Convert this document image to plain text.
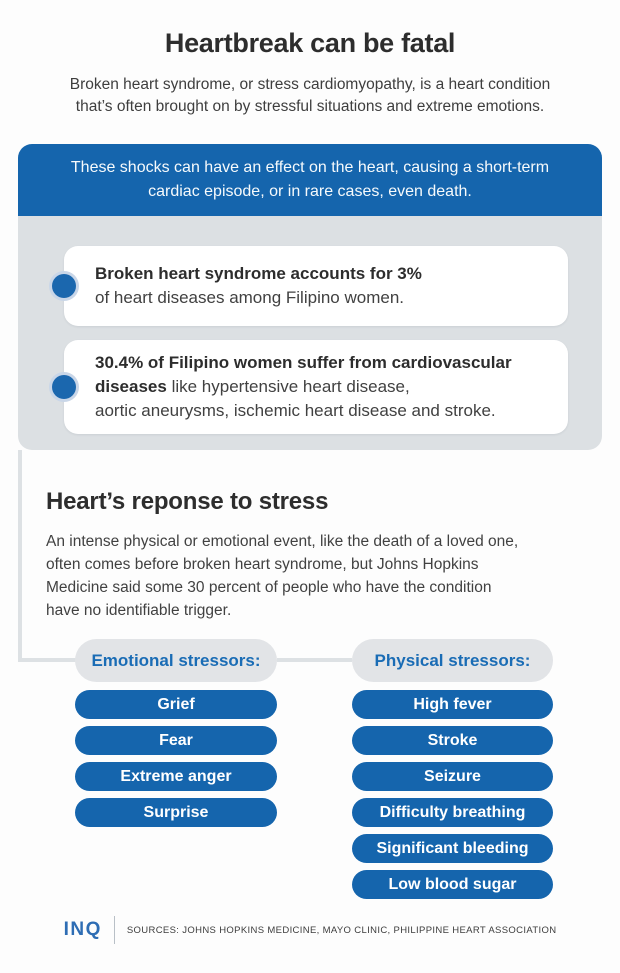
Heartbreak can be fatal
Broken heart syndrome, or stress cardiomyopathy, is a heart condition
that’s often brought on by stressful situations and extreme emotions.
These shocks can have an effect on the heart, causing a short-term
cardiac episode, or in rare cases, even death.
Broken heart syndrome accounts for 3%
of heart diseases among Filipino women.
30.4% of Filipino women suffer from cardiovascular
diseases like hypertensive heart disease,
aortic aneurysms, ischemic heart disease and stroke.
Heart’s reponse to stress
An intense physical or emotional event, like the death of a loved one,
often comes before broken heart syndrome, but Johns Hopkins
Medicine said some 30 percent of people who have the condition
have no identifiable trigger.
Emotional stressors:
Grief
Fear
Extreme anger
Surprise
Physical stressors:
High fever
Stroke
Seizure
Difficulty breathing
Significant bleeding
Low blood sugar
INQ	SOURCES: JOHNS HOPKINS MEDICINE, MAYO CLINIC, PHILIPPINE HEART ASSOCIATION
